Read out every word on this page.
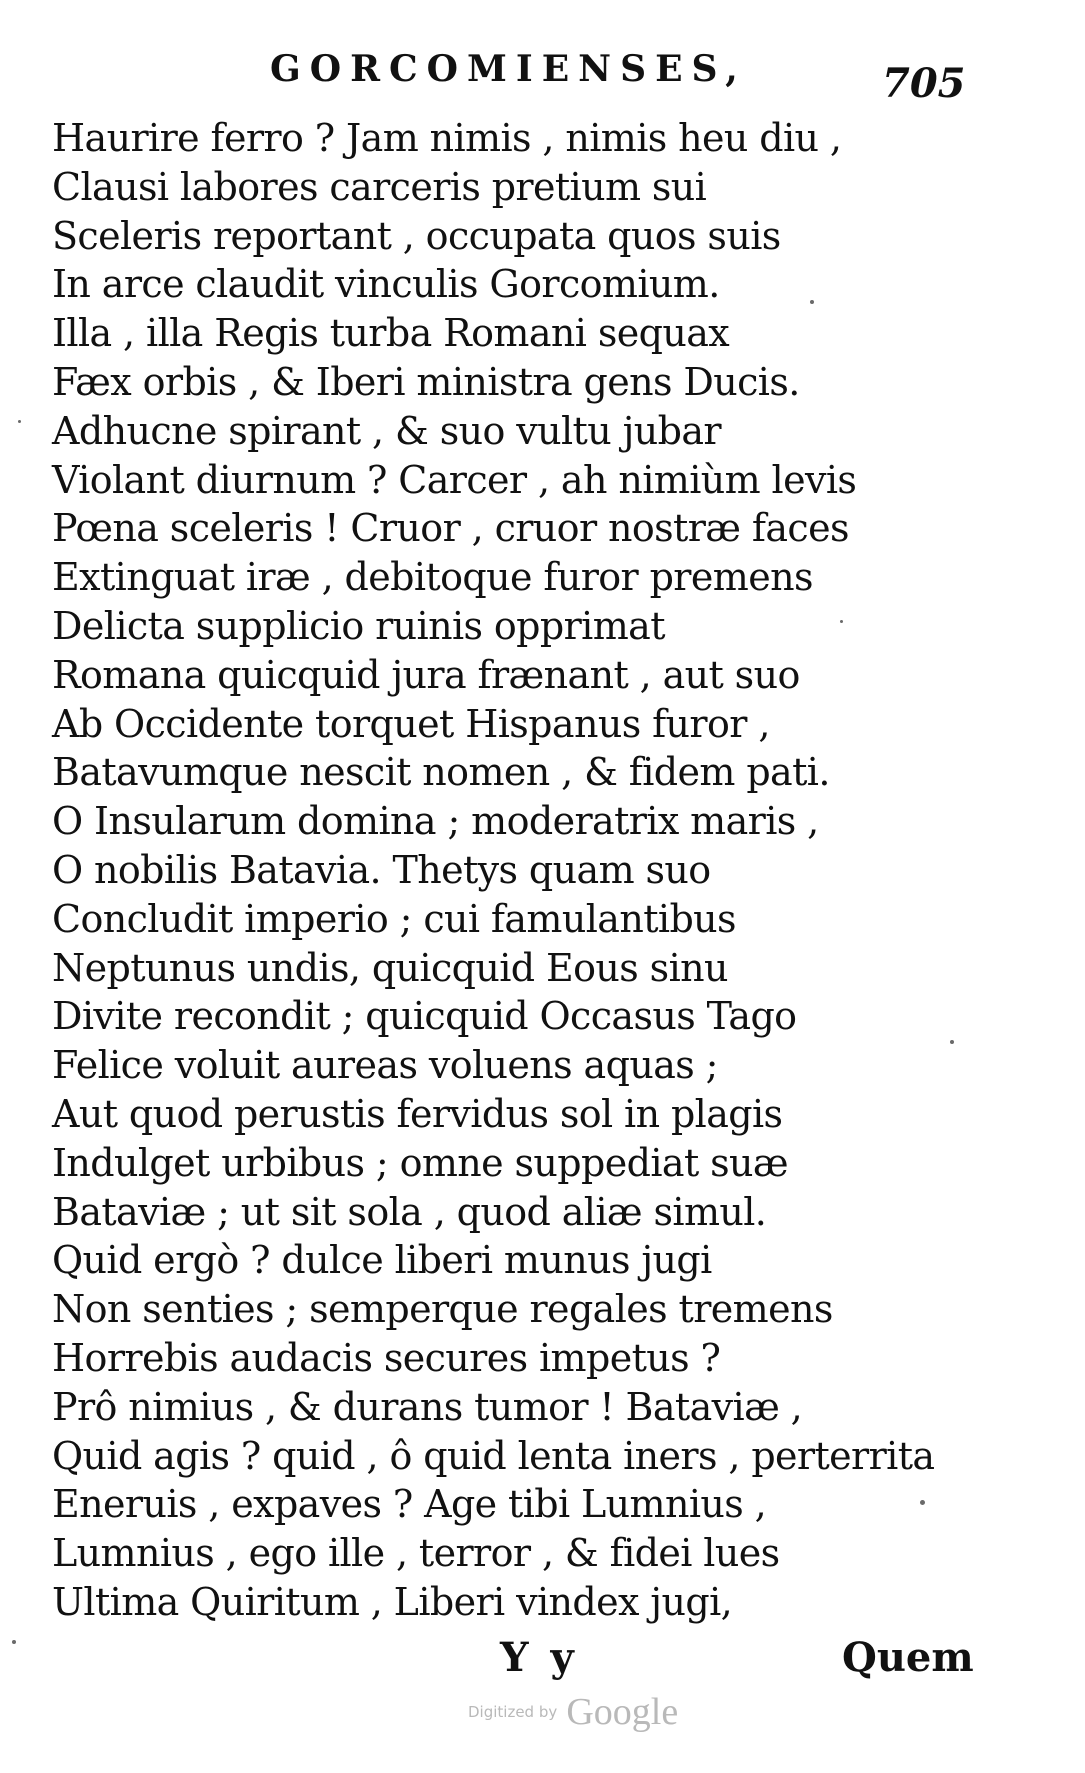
GORCOMIENSES,	705
Haurire ferro ? Jam nimis , nimis heu diu ,
Clausi labores carceris pretium sui
Sceleris reportant , occupata quos suis
In arce claudit vinculis Gorcomium.
Illa , illa Regis turba Romani sequax
Fæx orbis , & Iberi ministra gens Ducis.
Adhucne spirant , & suo vultu jubar
Violant diurnum ? Carcer , ah nimiùm levis
Pœna sceleris ! Cruor , cruor nostræ faces
Extinguat iræ , debitoque furor premens
Delicta supplicio ruinis opprimat
Romana quicquid jura frænant , aut suo
Ab Occidente torquet Hispanus furor ,
Batavumque nescit nomen , & fidem pati.
O Insularum domina ; moderatrix maris ,
O nobilis Batavia. Thetys quam suo
Concludit imperio ; cui famulantibus
Neptunus undis, quicquid Eous sinu
Divite recondit ; quicquid Occasus Tago
Felice voluit aureas voluens aquas ;
Aut quod perustis fervidus sol in plagis
Indulget urbibus ; omne suppediat suæ
Bataviæ ; ut sit sola , quod aliæ simul.
Quid ergò ? dulce liberi munus jugi
Non senties ; semperque regales tremens
Horrebis audacis secures impetus ?
Prô nimius , & durans tumor ! Bataviæ ,
Quid agis ? quid , ô quid lenta iners , perterrita
Eneruis , expaves ? Age tibi Lumnius ,
Lumnius , ego ille , terror , & fidei lues
Ultima Quiritum , Liberi vindex jugi,
Y y	Quem
Digitized by Google
